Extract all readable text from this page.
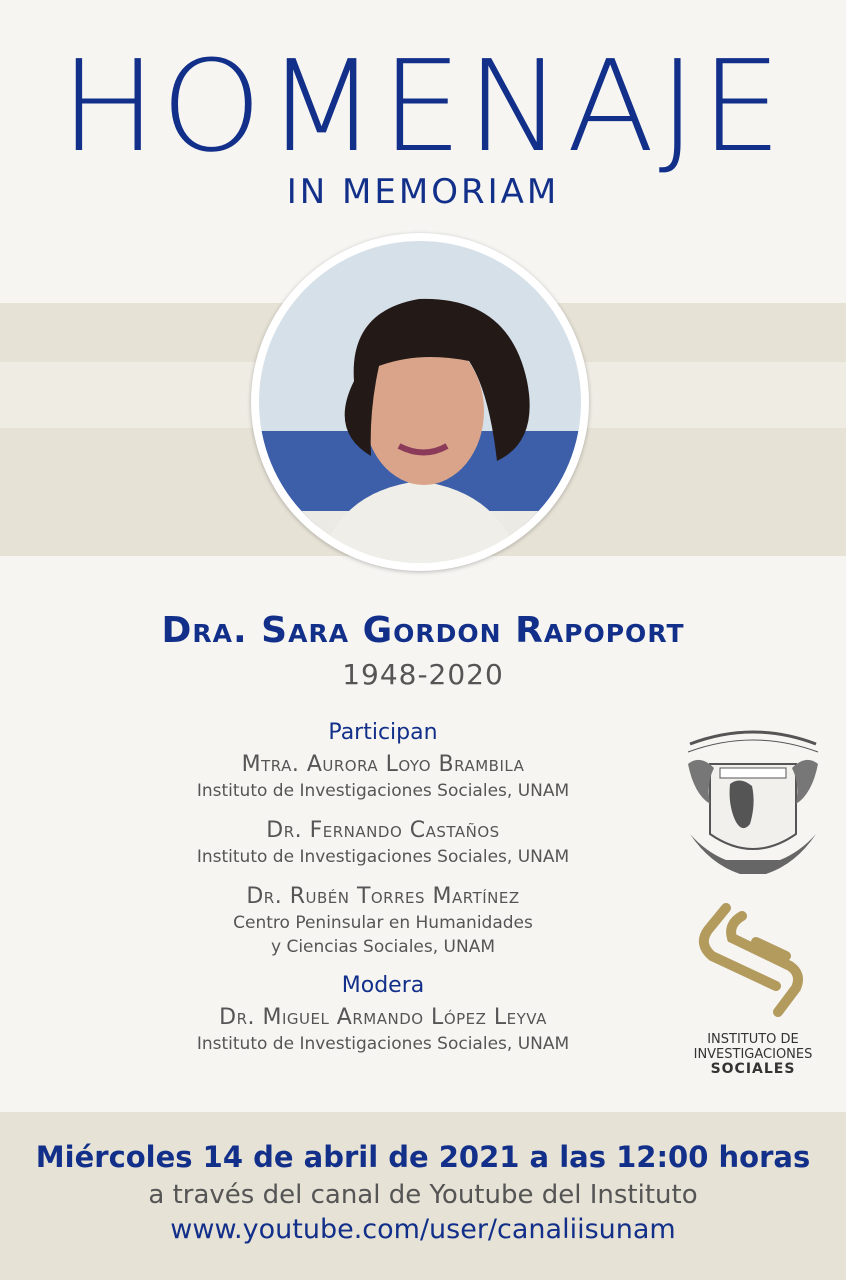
HOMENAJE
IN MEMORIAM
Dra. Sara Gordon Rapoport
1948-2020
Participan
Mtra. Aurora Loyo Brambila
Instituto de Investigaciones Sociales, UNAM
Dr. Fernando Castaños
Instituto de Investigaciones Sociales, UNAM
Dr. Rubén Torres Martínez
Centro Peninsular en Humanidades
y Ciencias Sociales, UNAM
Modera
Dr. Miguel Armando López Leyva
Instituto de Investigaciones Sociales, UNAM	INSTITUTO DE
INVESTIGACIONES
SOCIALES
Miércoles 14 de abril de 2021 a las 12:00 horas
a través del canal de Youtube del Instituto
www.youtube.com/user/canaliisunam
